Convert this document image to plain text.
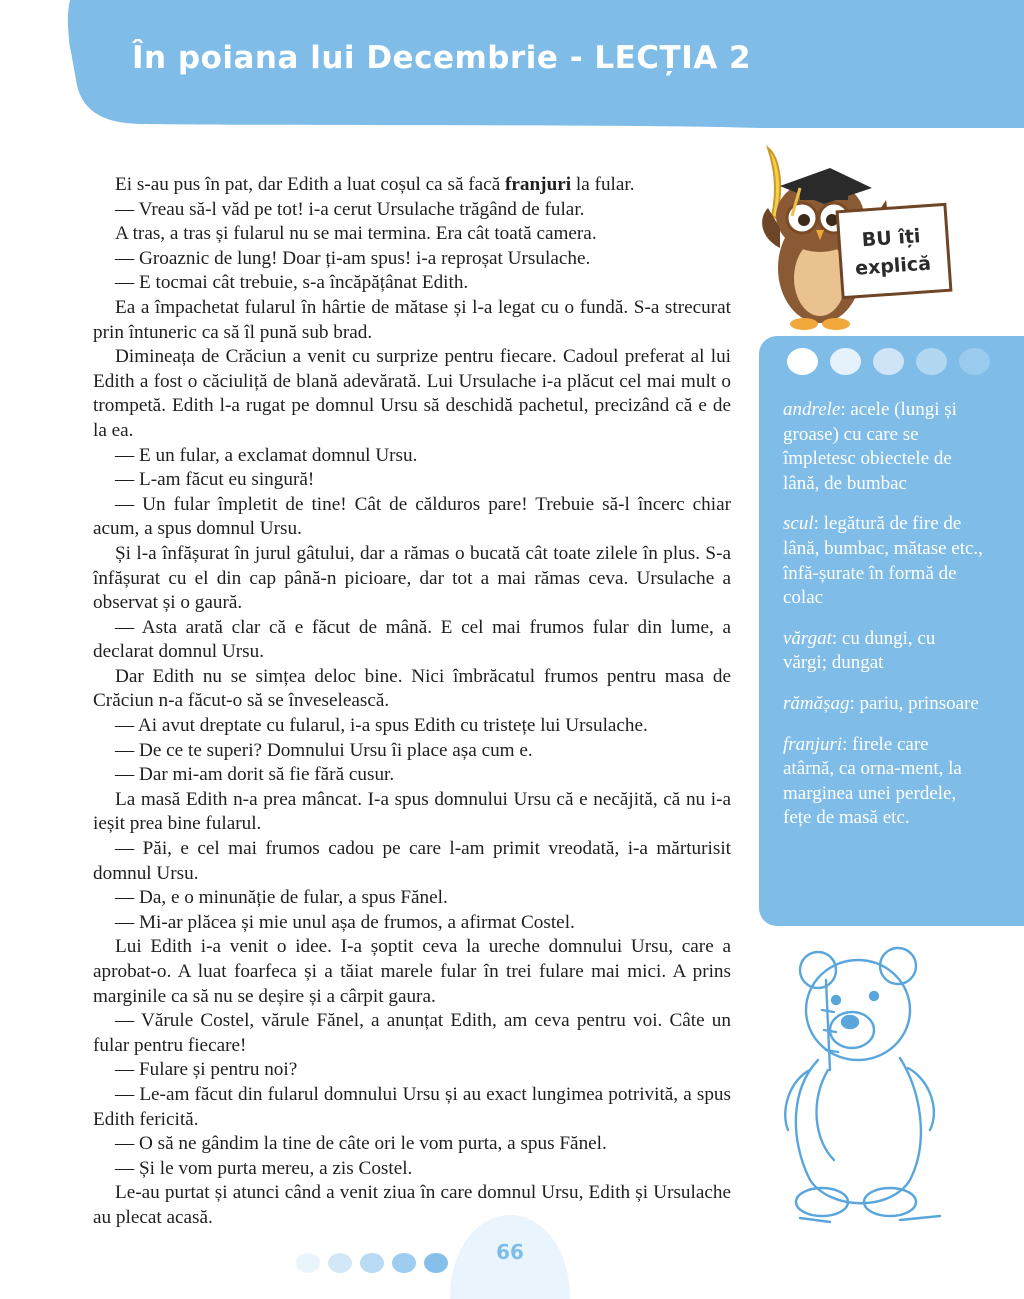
În poiana lui Decembrie - LECȚIA 2

Ei s-au pus în pat, dar Edith a luat coșul ca să facă franjuri la fular.

— Vreau să-l văd pe tot! i-a cerut Ursulache trăgând de fular.

A tras, a tras și fularul nu se mai termina. Era cât toată camera.

— Groaznic de lung! Doar ți-am spus! i-a reproșat Ursulache.

— E tocmai cât trebuie, s-a încăpățânat Edith.

Ea a împachetat fularul în hârtie de mătase și l-a legat cu o fundă. S-a strecurat prin întuneric ca să îl pună sub brad.

Dimineața de Crăciun a venit cu surprize pentru fiecare. Cadoul preferat al lui Edith a fost o căciuliță de blană adevărată. Lui Ursulache i-a plăcut cel mai mult o trompetă. Edith l-a rugat pe domnul Ursu să deschidă pachetul, precizând că e de la ea.

— E un fular, a exclamat domnul Ursu.

— L-am făcut eu singură!

— Un fular împletit de tine! Cât de călduros pare! Trebuie să-l încerc chiar acum, a spus domnul Ursu.

Și l-a înfășurat în jurul gâtului, dar a rămas o bucată cât toate zilele în plus. S-a înfășurat cu el din cap până-n picioare, dar tot a mai rămas ceva. Ursulache a observat și o gaură.

— Asta arată clar că e făcut de mână. E cel mai frumos fular din lume, a declarat domnul Ursu.

Dar Edith nu se simțea deloc bine. Nici îmbrăcatul frumos pentru masa de Crăciun n-a făcut-o să se înveselească.

— Ai avut dreptate cu fularul, i-a spus Edith cu tristețe lui Ursulache.

— De ce te superi? Domnului Ursu îi place așa cum e.

— Dar mi-am dorit să fie fără cusur.

La masă Edith n-a prea mâncat. I-a spus domnului Ursu că e necăjită, că nu i-a ieșit prea bine fularul.

— Păi, e cel mai frumos cadou pe care l-am primit vreodată, i-a mărturisit domnul Ursu.

— Da, e o minunăție de fular, a spus Fănel.

— Mi-ar plăcea și mie unul așa de frumos, a afirmat Costel.

Lui Edith i-a venit o idee. I-a șoptit ceva la ureche domnului Ursu, care a aprobat-o. A luat foarfeca și a tăiat marele fular în trei fulare mai mici. A prins marginile ca să nu se deșire și a cârpit gaura.

— Vărule Costel, vărule Fănel, a anunțat Edith, am ceva pentru voi. Câte un fular pentru fiecare!

— Fulare și pentru noi?

— Le-am făcut din fularul domnului Ursu și au exact lungimea potrivită, a spus Edith fericită.

— O să ne gândim la tine de câte ori le vom purta, a spus Fănel.

— Și le vom purta mereu, a zis Costel.

Le-au purtat și atunci când a venit ziua în care domnul Ursu, Edith și Ursulache au plecat acasă.

BU îți
explică

andrele: acele (lungi și groase) cu care se împletesc obiectele de lână, de bumbac

scul: legătură de fire de lână, bumbac, mătase etc., înfă-șurate în formă de colac

vărgat: cu dungi, cu vărgi; dungat

rămășag: pariu, prinsoare

franjuri: firele care atârnă, ca orna-ment, la marginea unei perdele, fețe de masă etc.

66
